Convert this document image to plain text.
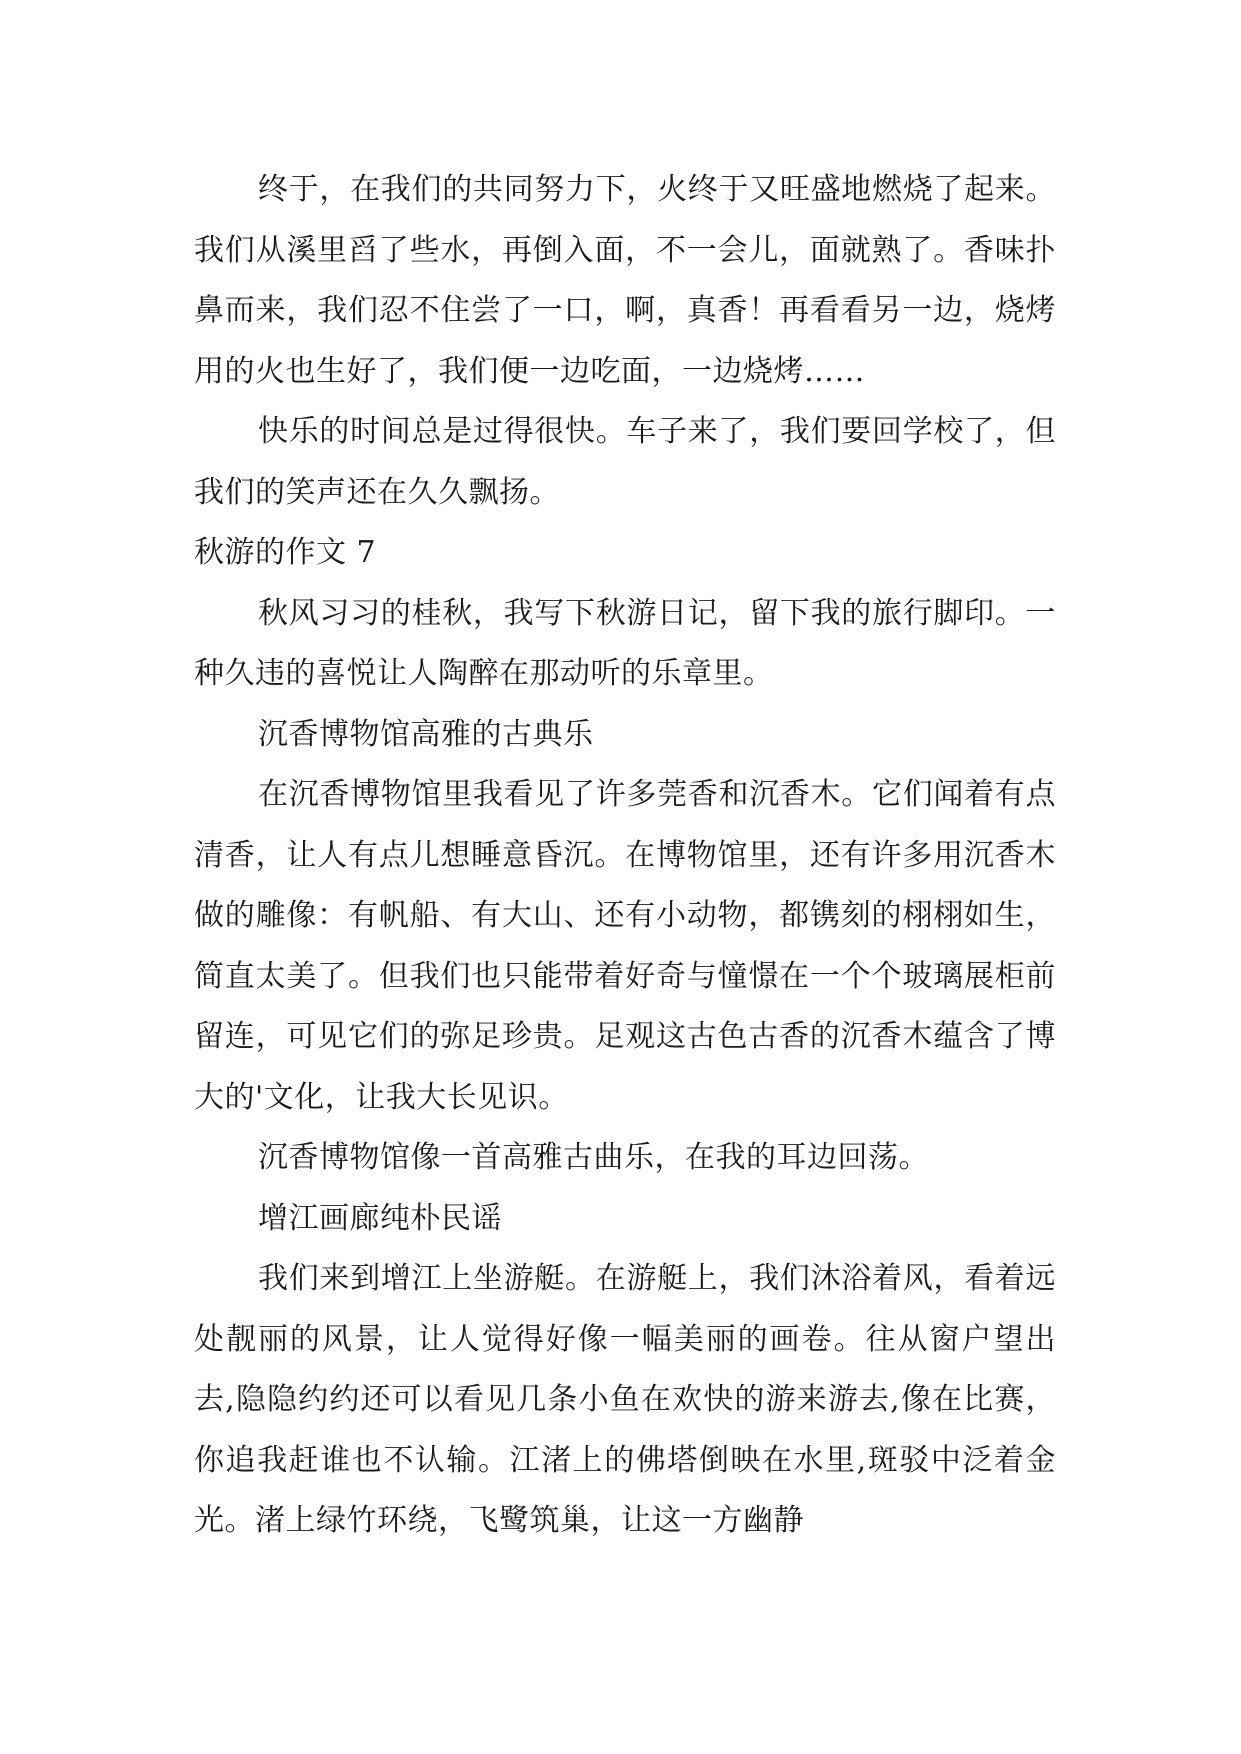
终于，在我们的共同努力下，火终于又旺盛地燃烧了起来。我们从溪里舀了些水，再倒入面，不一会儿，面就熟了。香味扑鼻而来，我们忍不住尝了一口，啊，真香！再看看另一边，烧烤用的火也生好了，我们便一边吃面，一边烧烤……

快乐的时间总是过得很快。车子来了，我们要回学校了，但我们的笑声还在久久飘扬。

秋游的作文 7

秋风习习的桂秋，我写下秋游日记，留下我的旅行脚印。一种久违的喜悦让人陶醉在那动听的乐章里。

沉香博物馆高雅的古典乐

在沉香博物馆里我看见了许多莞香和沉香木。它们闻着有点清香，让人有点儿想睡意昏沉。在博物馆里，还有许多用沉香木做的雕像：有帆船、有大山、还有小动物，都镌刻的栩栩如生，简直太美了。但我们也只能带着好奇与憧憬在一个个玻璃展柜前留连，可见它们的弥足珍贵。足观这古色古香的沉香木蕴含了博大的'文化，让我大长见识。

沉香博物馆像一首高雅古曲乐，在我的耳边回荡。

增江画廊纯朴民谣

我们来到增江上坐游艇。在游艇上，我们沐浴着风，看着远处靓丽的风景，让人觉得好像一幅美丽的画卷。往从窗户望出去,隐隐约约还可以看见几条小鱼在欢快的游来游去,像在比赛，你追我赶谁也不认输。江渚上的佛塔倒映在水里,斑驳中泛着金光。渚上绿竹环绕，飞鹭筑巢，让这一方幽静
